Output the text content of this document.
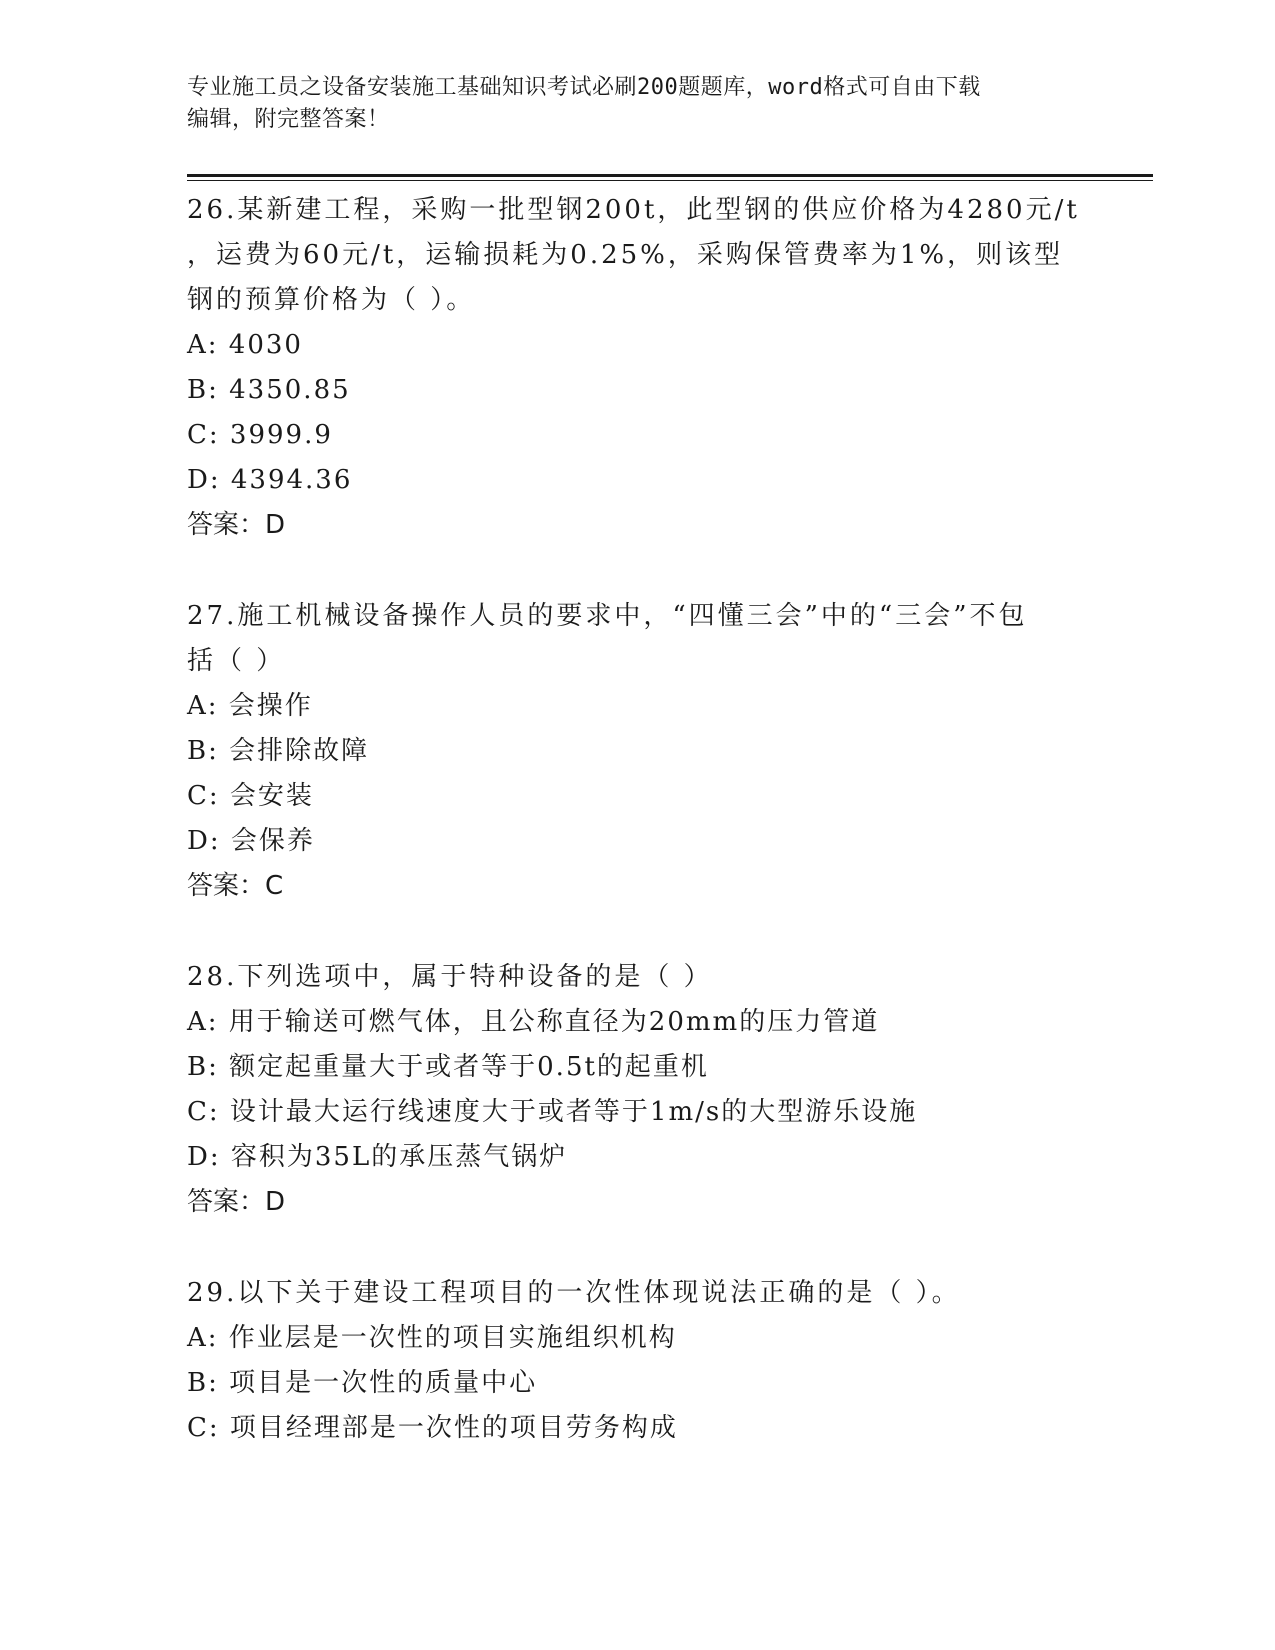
专业施工员之设备安装施工基础知识考试必刷200题题库，word格式可自由下载
编辑，附完整答案！

26.某新建工程，采购一批型钢200t，此型钢的供应价格为4280元/t

，运费为60元/t，运输损耗为0.25%，采购保管费率为1%，则该型

钢的预算价格为（ ）。

A: 4030

B: 4350.85

C: 3999.9

D: 4394.36

答案：D

27.施工机械设备操作人员的要求中，“四懂三会”中的“三会”不包

括（ ）

A: 会操作

B: 会排除故障

C: 会安装

D: 会保养

答案：C

28.下列选项中，属于特种设备的是（ ）

A: 用于输送可燃气体，且公称直径为20mm的压力管道

B: 额定起重量大于或者等于0.5t的起重机

C: 设计最大运行线速度大于或者等于1m/s的大型游乐设施

D: 容积为35L的承压蒸气锅炉

答案：D

29.以下关于建设工程项目的一次性体现说法正确的是（ ）。

A: 作业层是一次性的项目实施组织机构

B: 项目是一次性的质量中心

C: 项目经理部是一次性的项目劳务构成
